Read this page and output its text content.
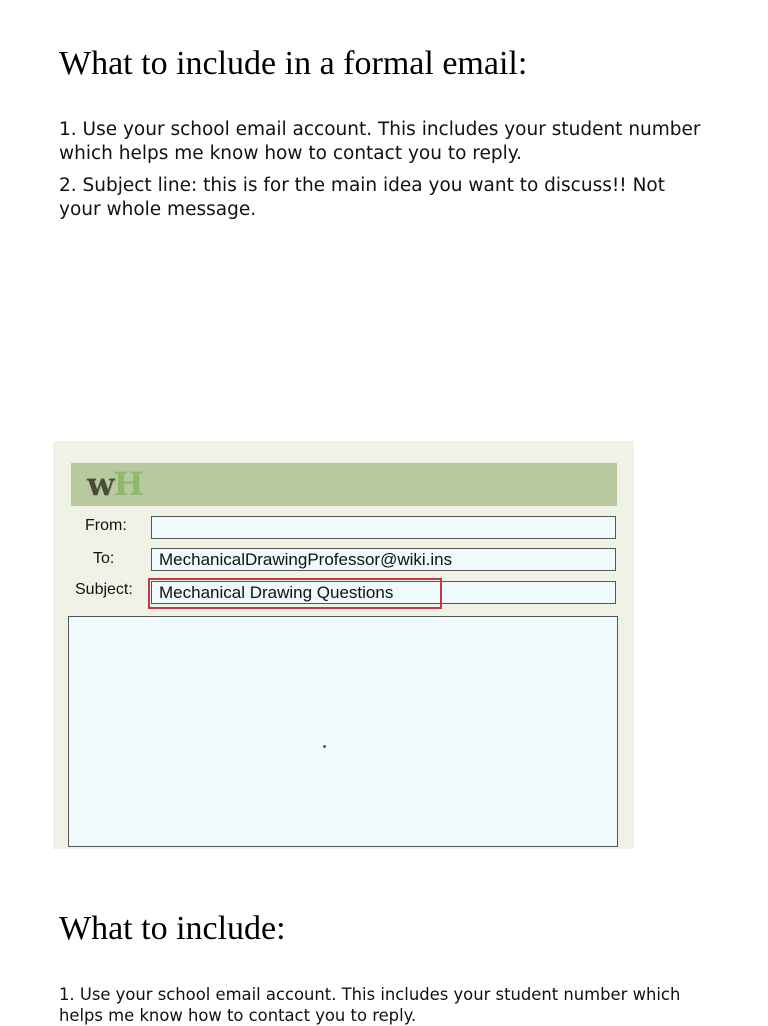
What to include in a formal email:
1. Use your school email account. This includes your student number which helps me know how to contact you to reply.
2. Subject line: this is for the main idea you want to discuss!! Not your whole message.
wH
From:
To:	MechanicalDrawingProfessor@wiki.ins
Subject:	Mechanical Drawing Questions
What to include:
1. Use your school email account. This includes your student number which helps me know how to contact you to reply.
